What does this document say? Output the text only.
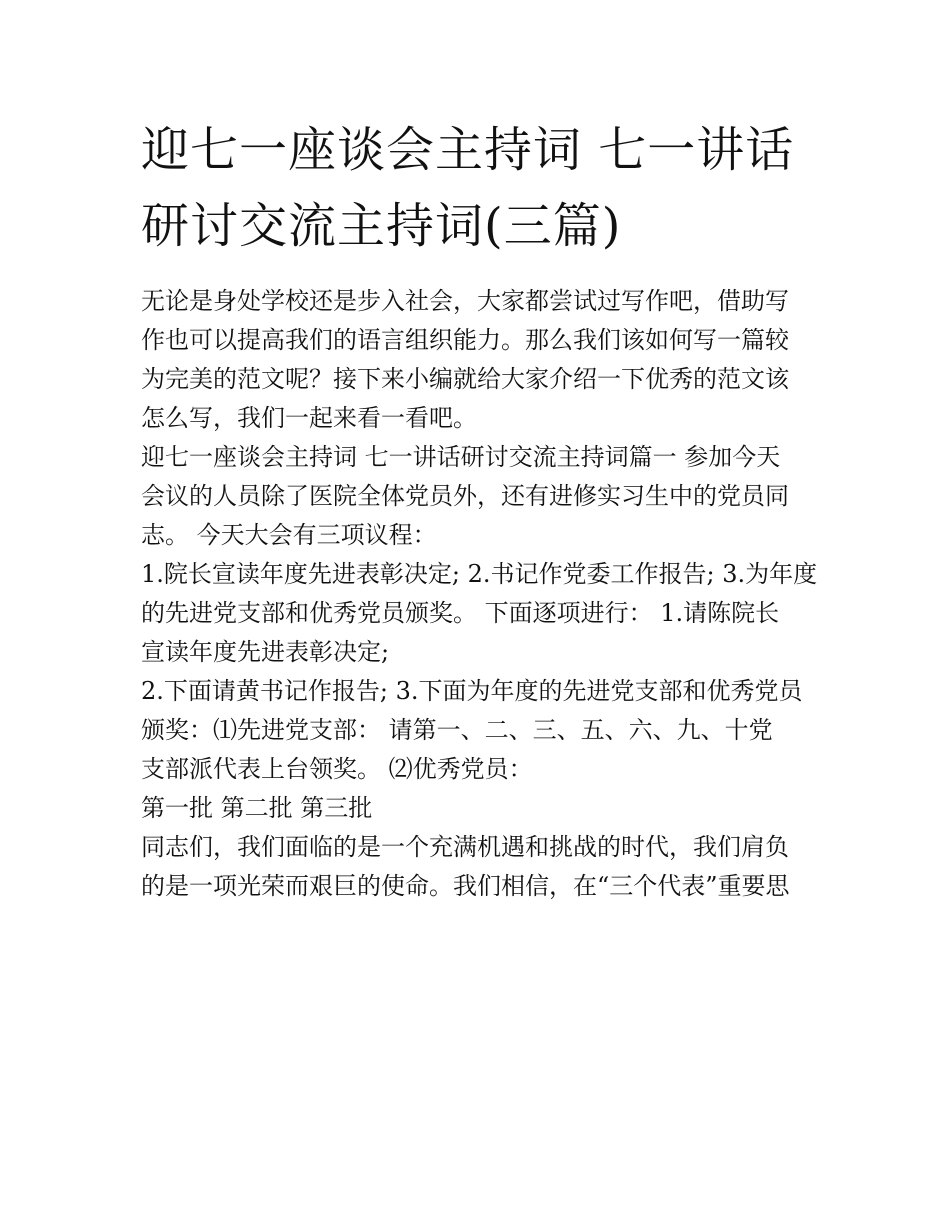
迎七一座谈会主持词 七一讲话
研讨交流主持词(三篇)
无论是身处学校还是步入社会，大家都尝试过写作吧，借助写
作也可以提高我们的语言组织能力。那么我们该如何写一篇较
为完美的范文呢？接下来小编就给大家介绍一下优秀的范文该
怎么写，我们一起来看一看吧。
迎七一座谈会主持词 七一讲话研讨交流主持词篇一 参加今天
会议的人员除了医院全体党员外，还有进修实习生中的党员同
志。 今天大会有三项议程：
1.院长宣读年度先进表彰决定; 2.书记作党委工作报告; 3.为年度
的先进党支部和优秀党员颁奖。 下面逐项进行： 1.请陈院长
宣读年度先进表彰决定;
2.下面请黄书记作报告; 3.下面为年度的先进党支部和优秀党员
颁奖：⑴先进党支部： 请第一、二、三、五、六、九、十党
支部派代表上台领奖。 ⑵优秀党员：
第一批 第二批 第三批
同志们，我们面临的是一个充满机遇和挑战的时代，我们肩负
的是一项光荣而艰巨的使命。我们相信，在“三个代表”重要思
